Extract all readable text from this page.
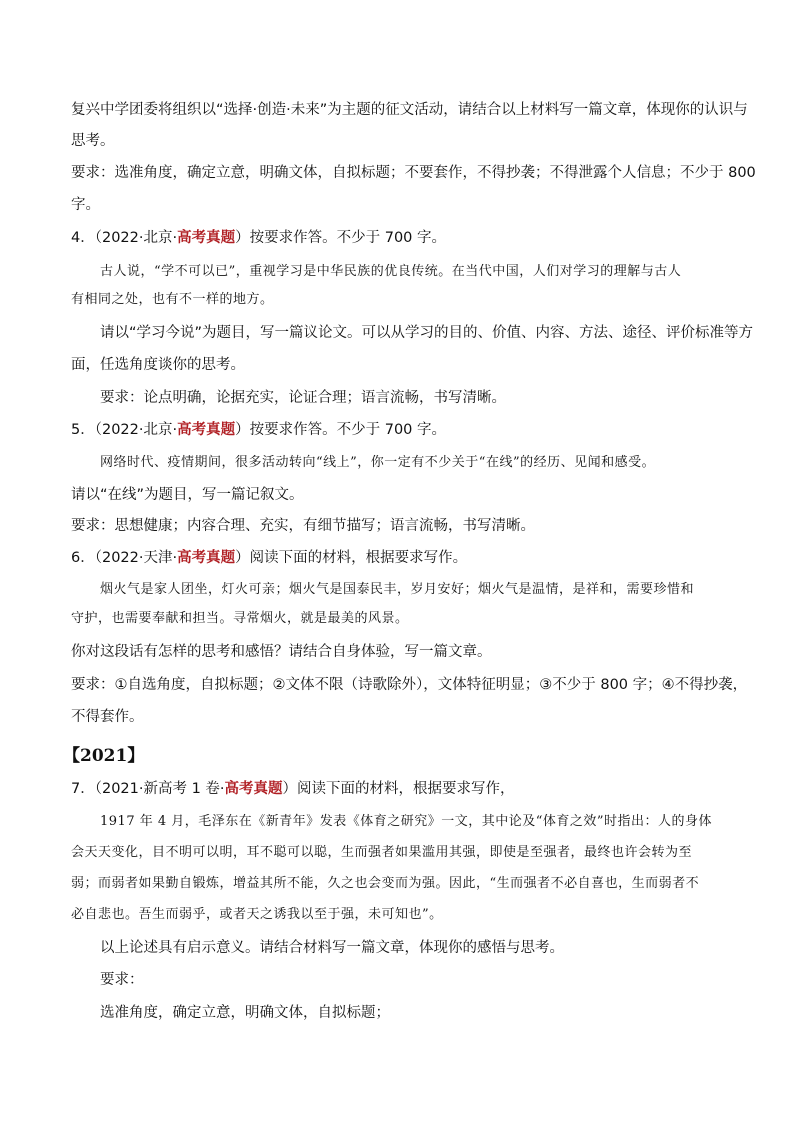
复兴中学团委将组织以“选择·创造·未来”为主题的征文活动，请结合以上材料写一篇文章，体现你的认识与
思考。
要求：选准角度，确定立意，明确文体，自拟标题；不要套作，不得抄袭；不得泄露个人信息；不少于 800
字。
4．（2022·北京·高考真题）按要求作答。不少于 700 字。
古人说，“学不可以已”，重视学习是中华民族的优良传统。在当代中国，人们对学习的理解与古人
有相同之处，也有不一样的地方。
请以“学习今说”为题目，写一篇议论文。可以从学习的目的、价值、内容、方法、途径、评价标准等方
面，任选角度谈你的思考。
要求：论点明确，论据充实，论证合理；语言流畅，书写清晰。
5．（2022·北京·高考真题）按要求作答。不少于 700 字。
网络时代、疫情期间，很多活动转向“线上”，你一定有不少关于“在线”的经历、见闻和感受。
请以“在线”为题目，写一篇记叙文。
要求：思想健康；内容合理、充实，有细节描写；语言流畅，书写清晰。
6．（2022·天津·高考真题）阅读下面的材料，根据要求写作。
烟火气是家人团坐，灯火可亲；烟火气是国泰民丰，岁月安好；烟火气是温情，是祥和，需要珍惜和
守护，也需要奉献和担当。寻常烟火，就是最美的风景。
你对这段话有怎样的思考和感悟？请结合自身体验，写一篇文章。
要求：①自选角度，自拟标题；②文体不限（诗歌除外），文体特征明显；③不少于 800 字；④不得抄袭，
不得套作。
【2021】
7．（2021·新高考 1 卷·高考真题）阅读下面的材料，根据要求写作，
1917 年 4 月，毛泽东在《新青年》发表《体育之研究》一文，其中论及“体育之效”时指出：人的身体
会天天变化，目不明可以明，耳不聪可以聪，生而强者如果滥用其强，即使是至强者，最终也许会转为至
弱；而弱者如果勤自锻炼，增益其所不能，久之也会变而为强。因此，“生而强者不必自喜也，生而弱者不
必自悲也。吾生而弱乎，或者天之诱我以至于强，未可知也”。
以上论述具有启示意义。请结合材料写一篇文章，体现你的感悟与思考。
要求：
选准角度，确定立意，明确文体，自拟标题；
